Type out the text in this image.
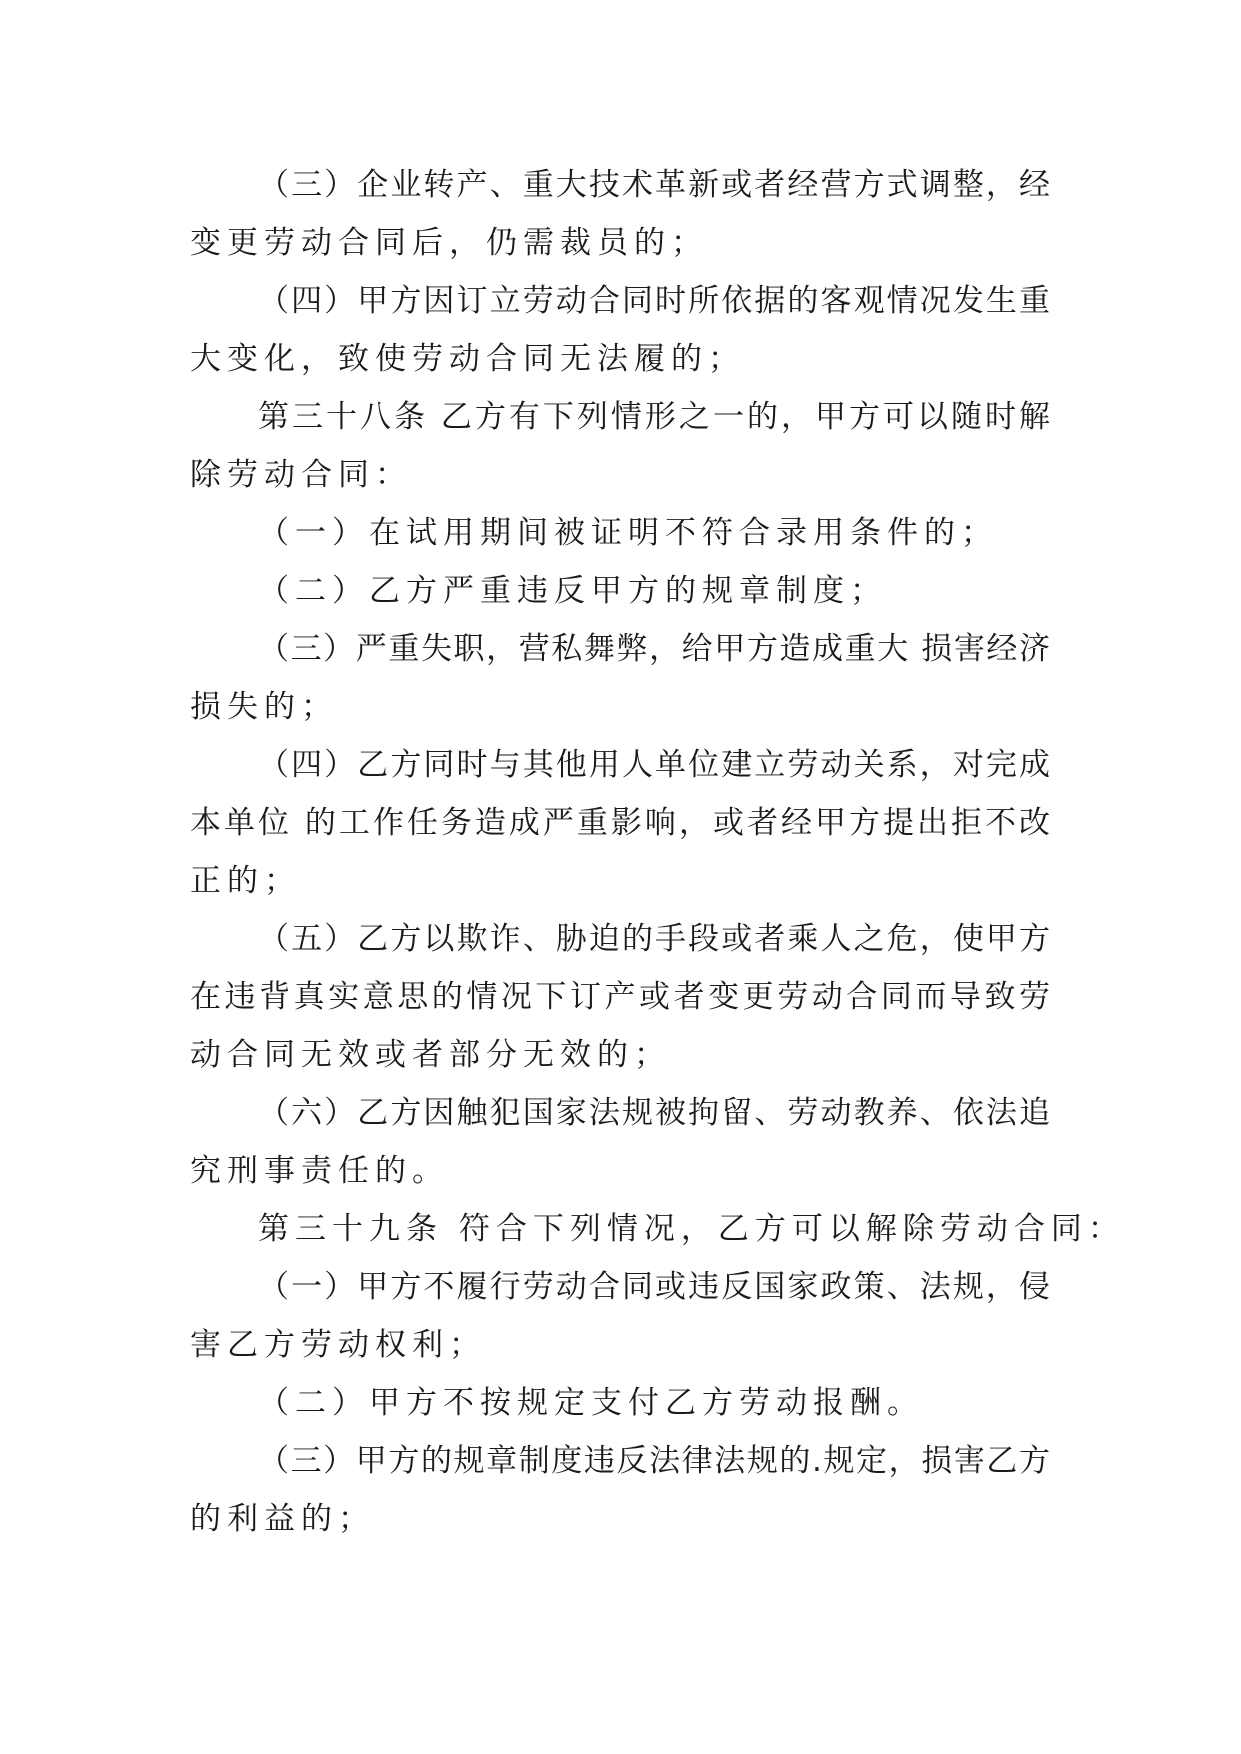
（三）企业转产、重大技术革新或者经营方式调整，经
变更劳动合同后，仍需裁员的；
（四）甲方因订立劳动合同时所依据的客观情况发生重
大变化，致使劳动合同无法履的；
第三十八条 乙方有下列情形之一的，甲方可以随时解
除劳动合同：
（一）在试用期间被证明不符合录用条件的；
（二）乙方严重违反甲方的规章制度；
（三）严重失职，营私舞弊，给甲方造成重大 损害经济
损失的；
（四）乙方同时与其他用人单位建立劳动关系，对完成
本单位 的工作任务造成严重影响，或者经甲方提出拒不改
正的；
（五）乙方以欺诈、胁迫的手段或者乘人之危，使甲方
在违背真实意思的情况下订产或者变更劳动合同而导致劳
动合同无效或者部分无效的；
（六）乙方因触犯国家法规被拘留、劳动教养、依法追
究刑事责任的。
第三十九条 符合下列情况，乙方可以解除劳动合同：
（一）甲方不履行劳动合同或违反国家政策、法规，侵
害乙方劳动权利；
（二）甲方不按规定支付乙方劳动报酬。
（三）甲方的规章制度违反法律法规的.规定，损害乙方
的利益的；
